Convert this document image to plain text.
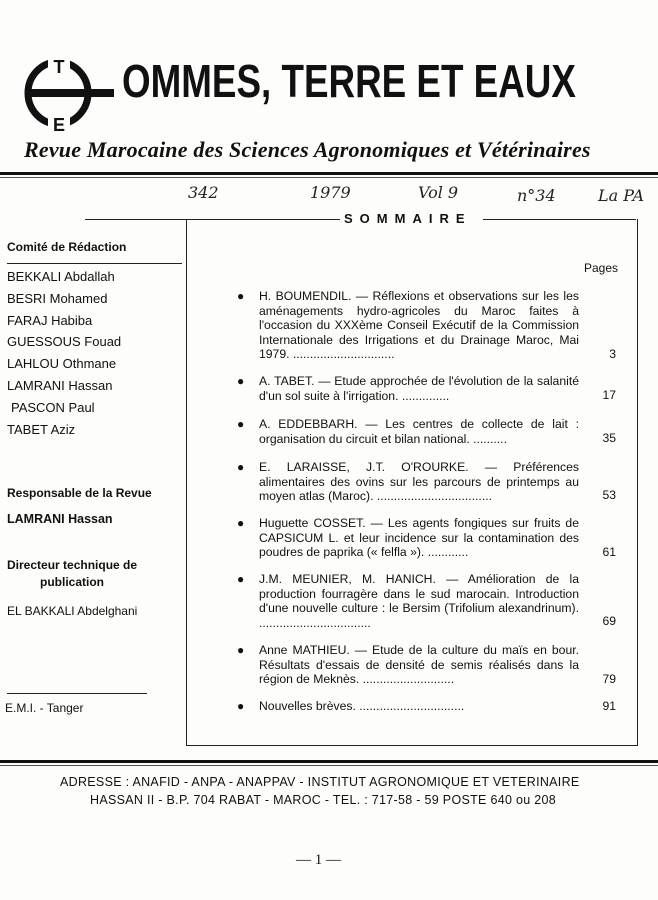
T
E
OMMES, TERRE ET EAUX
Revue Marocaine des Sciences Agronomiques et Vétérinaires
342	1979	Vol 9	n°34	La PA
SOMMAIRE
Pages
Comité de Rédaction
BEKKALI Abdallah
BESRI Mohamed
FARAJ Habiba
GUESSOUS Fouad
LAHLOU Othmane
LAMRANI Hassan
PASCON Paul
TABET Aziz
Responsable de la Revue
LAMRANI Hassan
Directeur technique de
publication
EL BAKKALI Abdelghani
E.M.I. - Tanger
● H. BOUMENDIL. — Réflexions et observations sur les les aménagements hydro-agricoles du Maroc faites à l'occasion du XXXème Conseil Exécutif de la Commission Internationale des Irrigations et du Drainage Maroc, Mai 1979. ..............................	3
● A. TABET. — Etude approchée de l'évolution de la salanité d'un sol suite à l'irrigation. ..............	17
● A. EDDEBBARH. — Les centres de collecte de lait : organisation du circuit et bilan national. ..........	35
● E. LARAISSE, J.T. O'ROURKE. — Préférences alimentaires des ovins sur les parcours de printemps au moyen atlas (Maroc). ..................................	53
● Huguette COSSET. — Les agents fongiques sur fruits de CAPSICUM L. et leur incidence sur la contamination des poudres de paprika (« felfla »). ............	61
● J.M. MEUNIER, M. HANICH. — Amélioration de la production fourragère dans le sud marocain. Introduction d'une nouvelle culture : le Bersim (Trifolium alexandrinum). .................................	69
● Anne MATHIEU. — Etude de la culture du maïs en bour. Résultats d'essais de densité de semis réalisés dans la région de Meknès. ...........................	79
● Nouvelles brèves. ...............................	91
ADRESSE : ANAFID - ANPA - ANAPPAV - INSTITUT AGRONOMIQUE ET VETERINAIRE
HASSAN II - B.P. 704 RABAT - MAROC - TEL. : 717-58 - 59 POSTE 640 ou 208
— 1 —
